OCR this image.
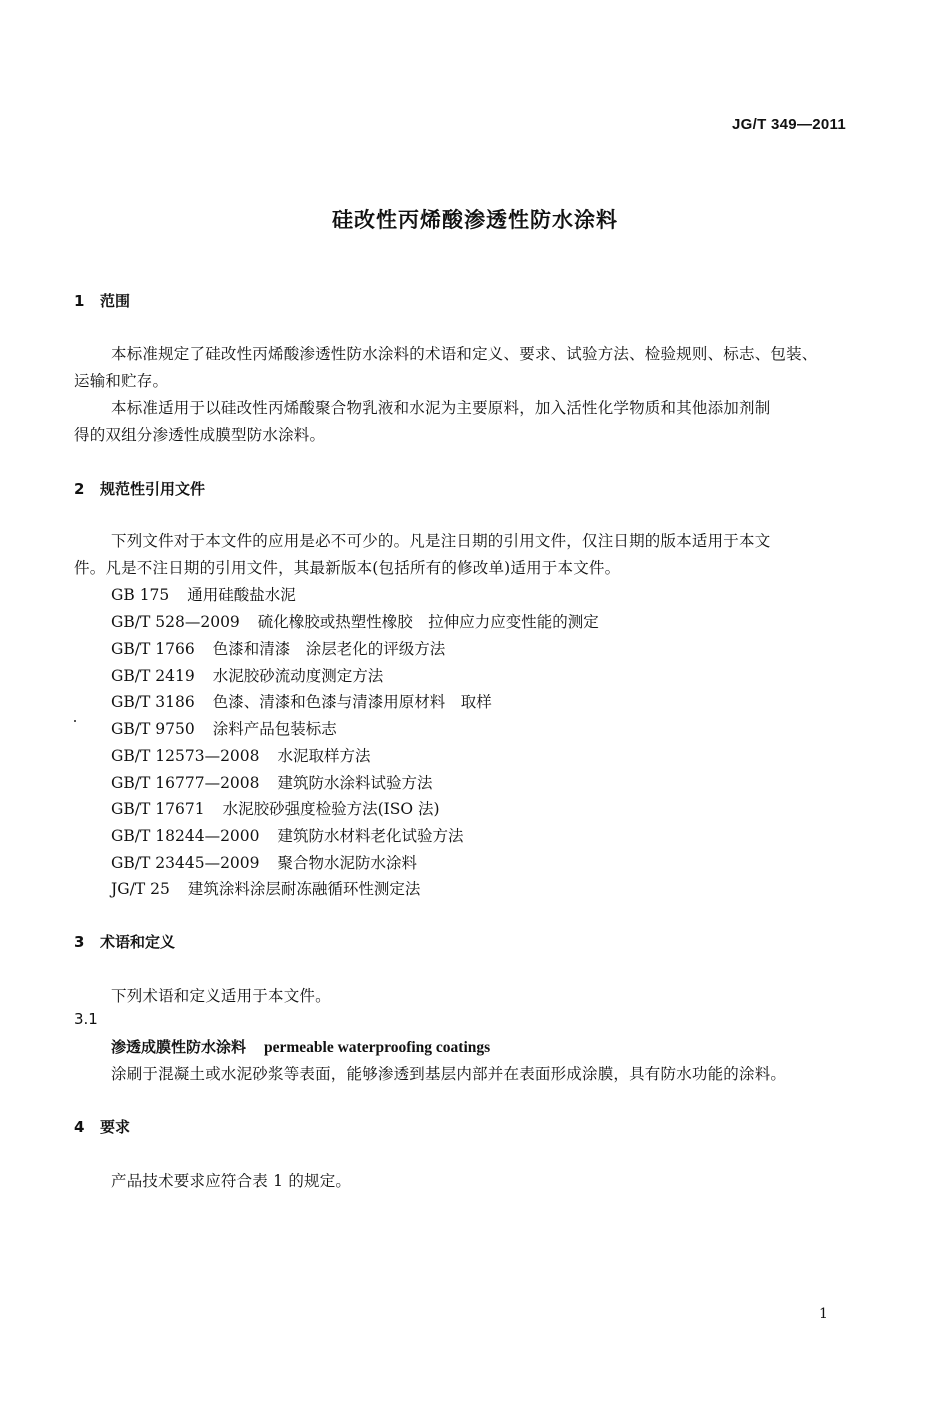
JG/T 349—2011
硅改性丙烯酸渗透性防水涂料
1 范围
本标准规定了硅改性丙烯酸渗透性防水涂料的术语和定义、要求、试验方法、检验规则、标志、包装、
运输和贮存。
本标准适用于以硅改性丙烯酸聚合物乳液和水泥为主要原料，加入活性化学物质和其他添加剂制
得的双组分渗透性成膜型防水涂料。
2 规范性引用文件
下列文件对于本文件的应用是必不可少的。凡是注日期的引用文件，仅注日期的版本适用于本文
件。凡是不注日期的引用文件，其最新版本(包括所有的修改单)适用于本文件。
GB 175 通用硅酸盐水泥
GB/T 528—2009 硫化橡胶或热塑性橡胶　拉伸应力应变性能的测定
GB/T 1766 色漆和清漆　涂层老化的评级方法
GB/T 2419 水泥胶砂流动度测定方法
GB/T 3186 色漆、清漆和色漆与清漆用原材料　取样
GB/T 9750 涂料产品包装标志
GB/T 12573—2008 水泥取样方法
GB/T 16777—2008 建筑防水涂料试验方法
GB/T 17671 水泥胶砂强度检验方法(ISO 法)
GB/T 18244—2000 建筑防水材料老化试验方法
GB/T 23445—2009 聚合物水泥防水涂料
JG/T 25 建筑涂料涂层耐冻融循环性测定法
3 术语和定义
下列术语和定义适用于本文件。
3.1
渗透成膜性防水涂料 permeable waterproofing coatings
涂刷于混凝土或水泥砂浆等表面，能够渗透到基层内部并在表面形成涂膜，具有防水功能的涂料。
4 要求
产品技术要求应符合表 1 的规定。
1
